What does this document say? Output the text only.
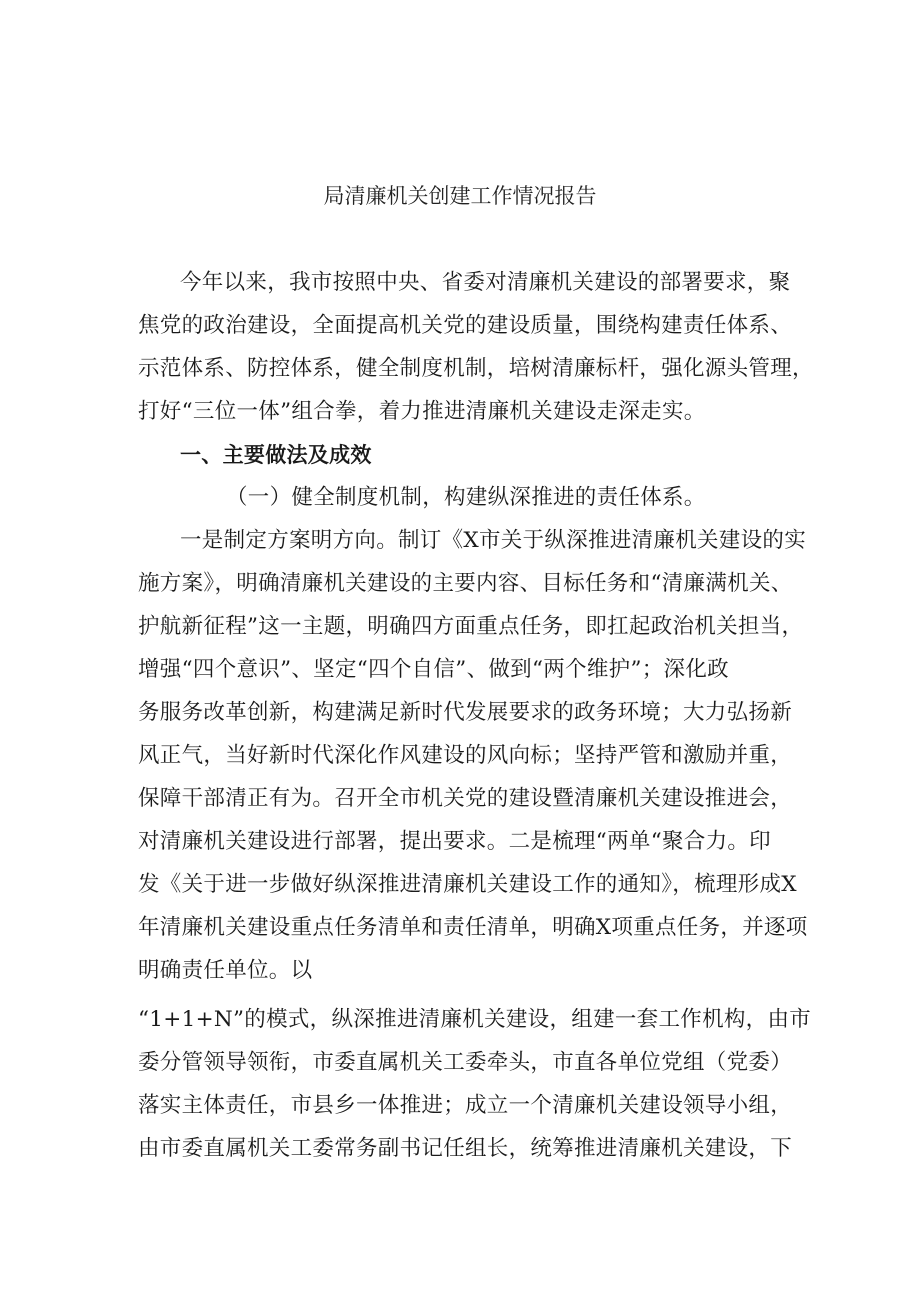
局清廉机关创建工作情况报告
今年以来，我市按照中央、省委对清廉机关建设的部署要求，聚
焦党的政治建设，全面提高机关党的建设质量，围绕构建责任体系、
示范体系、防控体系，健全制度机制，培树清廉标杆，强化源头管理，
打好“三位一体”组合拳，着力推进清廉机关建设走深走实。
一、主要做法及成效
（一）健全制度机制，构建纵深推进的责任体系。
一是制定方案明方向。制订《X市关于纵深推进清廉机关建设的实
施方案》，明确清廉机关建设的主要内容、目标任务和“清廉满机关、
护航新征程”这一主题，明确四方面重点任务，即扛起政治机关担当，
增强“四个意识”、坚定“四个自信”、做到“两个维护”；深化政
务服务改革创新，构建满足新时代发展要求的政务环境；大力弘扬新
风正气，当好新时代深化作风建设的风向标；坚持严管和激励并重，
保障干部清正有为。召开全市机关党的建设暨清廉机关建设推进会，
对清廉机关建设进行部署，提出要求。二是梳理“两单“聚合力。印
发《关于进一步做好纵深推进清廉机关建设工作的通知》，梳理形成X
年清廉机关建设重点任务清单和责任清单，明确X项重点任务，并逐项
明确责任单位。以
“1+1+N”的模式，纵深推进清廉机关建设，组建一套工作机构，由市
委分管领导领衔，市委直属机关工委牵头，市直各单位党组（党委）
落实主体责任，市县乡一体推进；成立一个清廉机关建设领导小组，
由市委直属机关工委常务副书记任组长，统筹推进清廉机关建设，下
